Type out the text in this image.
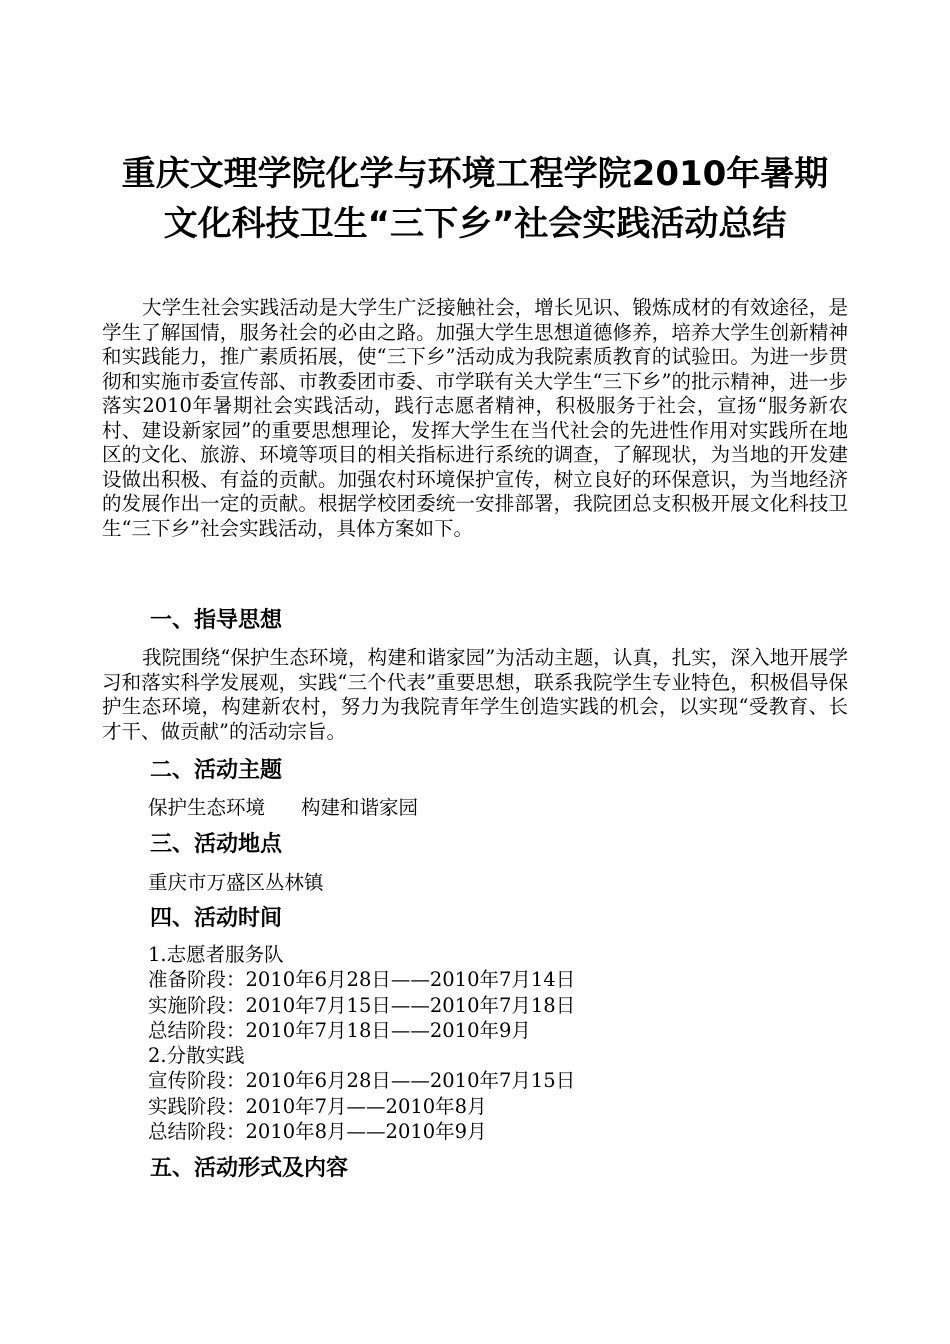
重庆文理学院化学与环境工程学院2010年暑期
文化科技卫生“三下乡”社会实践活动总结

大学生社会实践活动是大学生广泛接触社会，增长见识、锻炼成材的有效途径，是学生了解国情，服务社会的必由之路。加强大学生思想道德修养，培养大学生创新精神和实践能力，推广素质拓展，使“三下乡”活动成为我院素质教育的试验田。为进一步贯彻和实施市委宣传部、市教委团市委、市学联有关大学生“三下乡”的批示精神，进一步落实2010年暑期社会实践活动，践行志愿者精神，积极服务于社会，宣扬“服务新农村、建设新家园”的重要思想理论，发挥大学生在当代社会的先进性作用对实践所在地区的文化、旅游、环境等项目的相关指标进行系统的调查，了解现状，为当地的开发建设做出积极、有益的贡献。加强农村环境保护宣传，树立良好的环保意识，为当地经济的发展作出一定的贡献。根据学校团委统一安排部署，我院团总支积极开展文化科技卫生“三下乡”社会实践活动，具体方案如下。

一、指导思想

我院围绕“保护生态环境，构建和谐家园”为活动主题，认真，扎实，深入地开展学习和落实科学发展观，实践“三个代表”重要思想，联系我院学生专业特色，积极倡导保护生态环境，构建新农村，努力为我院青年学生创造实践的机会，以实现“受教育、长才干、做贡献”的活动宗旨。

二、活动主题
保护生态环境 构建和谐家园
三、活动地点
重庆市万盛区丛林镇
四、活动时间
1.志愿者服务队
准备阶段：2010年6月28日——2010年7月14日
实施阶段：2010年7月15日——2010年7月18日
总结阶段：2010年7月18日——2010年9月
2.分散实践
宣传阶段：2010年6月28日——2010年7月15日
实践阶段：2010年7月——2010年8月
总结阶段：2010年8月——2010年9月
五、活动形式及内容
